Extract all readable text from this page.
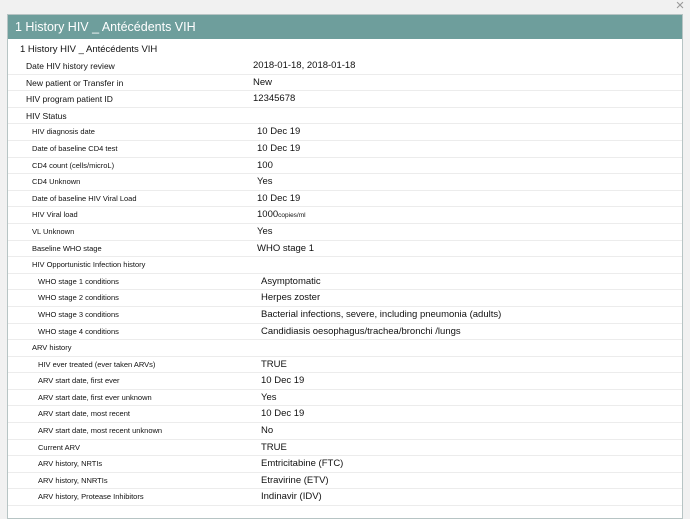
×
1 History HIV _ Antécédents VIH
1 History HIV _ Antécédents VIH
Date HIV history review	2018-01-18, 2018-01-18
New patient or Transfer in	New
HIV program patient ID	12345678
HIV Status
HIV diagnosis date	10 Dec 19
Date of baseline CD4 test	10 Dec 19
CD4 count (cells/microL)	100
CD4 Unknown	Yes
Date of baseline HIV Viral Load	10 Dec 19
HIV Viral load	1000copies/ml
VL Unknown	Yes
Baseline WHO stage	WHO stage 1
HIV Opportunistic Infection history
WHO stage 1 conditions	Asymptomatic
WHO stage 2 conditions	Herpes zoster
WHO stage 3 conditions	Bacterial infections, severe, including pneumonia (adults)
WHO stage 4 conditions	Candidiasis oesophagus/trachea/bronchi /lungs
ARV history
HIV ever treated (ever taken ARVs)	TRUE
ARV start date, first ever	10 Dec 19
ARV start date, first ever unknown	Yes
ARV start date, most recent	10 Dec 19
ARV start date, most recent unknown	No
Current ARV	TRUE
ARV history, NRTIs	Emtricitabine (FTC)
ARV history, NNRTIs	Etravirine (ETV)
ARV history, Protease Inhibitors	Indinavir (IDV)
